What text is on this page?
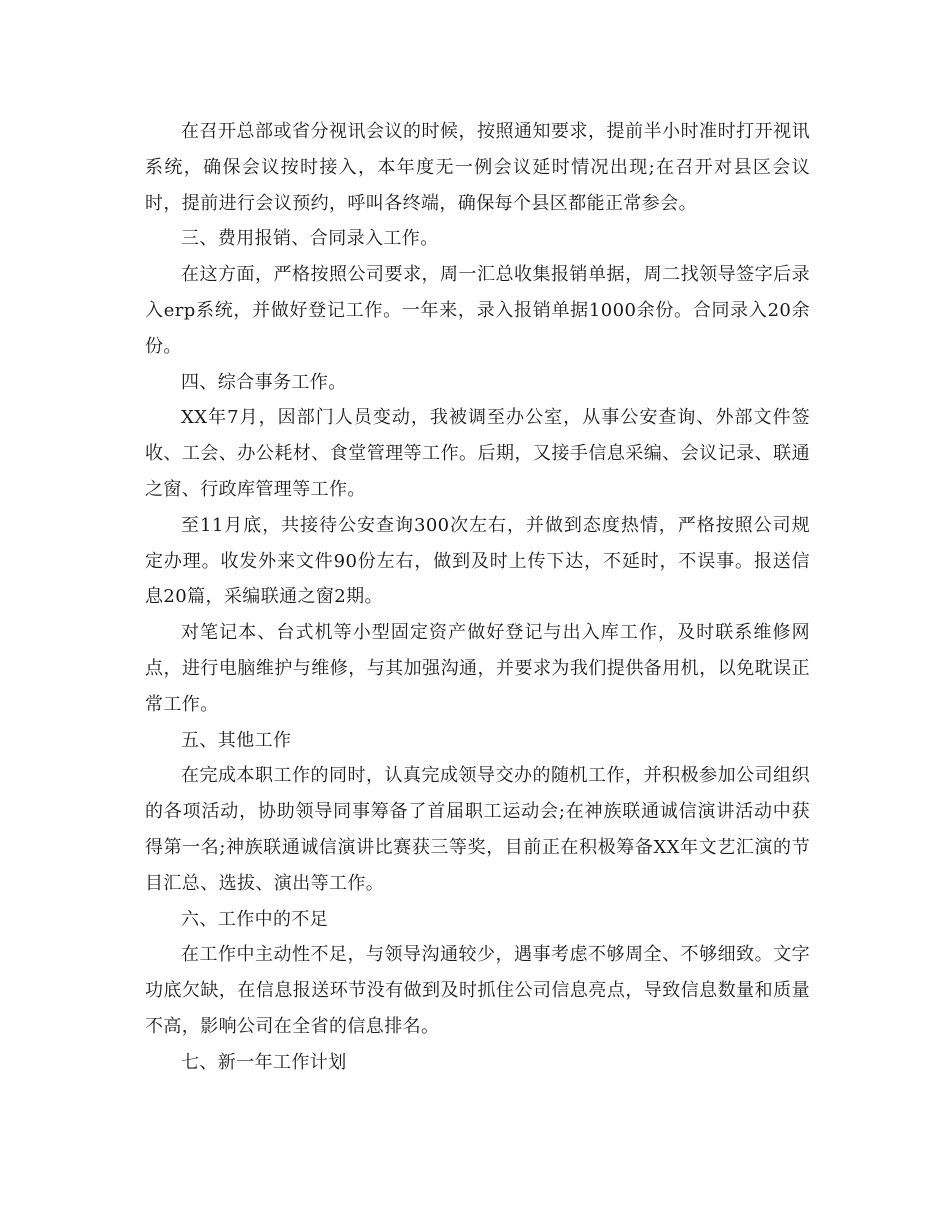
在召开总部或省分视讯会议的时候，按照通知要求，提前半小时准时打开视讯系统，确保会议按时接入，本年度无一例会议延时情况出现;在召开对县区会议时，提前进行会议预约，呼叫各终端，确保每个县区都能正常参会。

三、费用报销、合同录入工作。

在这方面，严格按照公司要求，周一汇总收集报销单据，周二找领导签字后录入erp系统，并做好登记工作。一年来，录入报销单据1000余份。合同录入20余份。

四、综合事务工作。

XX年7月，因部门人员变动，我被调至办公室，从事公安查询、外部文件签收、工会、办公耗材、食堂管理等工作。后期，又接手信息采编、会议记录、联通之窗、行政库管理等工作。

至11月底，共接待公安查询300次左右，并做到态度热情，严格按照公司规定办理。收发外来文件90份左右，做到及时上传下达，不延时，不误事。报送信息20篇，采编联通之窗2期。

对笔记本、台式机等小型固定资产做好登记与出入库工作，及时联系维修网点，进行电脑维护与维修，与其加强沟通，并要求为我们提供备用机，以免耽误正常工作。

五、其他工作

在完成本职工作的同时，认真完成领导交办的随机工作，并积极参加公司组织的各项活动，协助领导同事筹备了首届职工运动会;在神族联通诚信演讲活动中获得第一名;神族联通诚信演讲比赛获三等奖，目前正在积极筹备XX年文艺汇演的节目汇总、选拔、演出等工作。

六、工作中的不足

在工作中主动性不足，与领导沟通较少，遇事考虑不够周全、不够细致。文字功底欠缺，在信息报送环节没有做到及时抓住公司信息亮点，导致信息数量和质量不高，影响公司在全省的信息排名。

七、新一年工作计划
